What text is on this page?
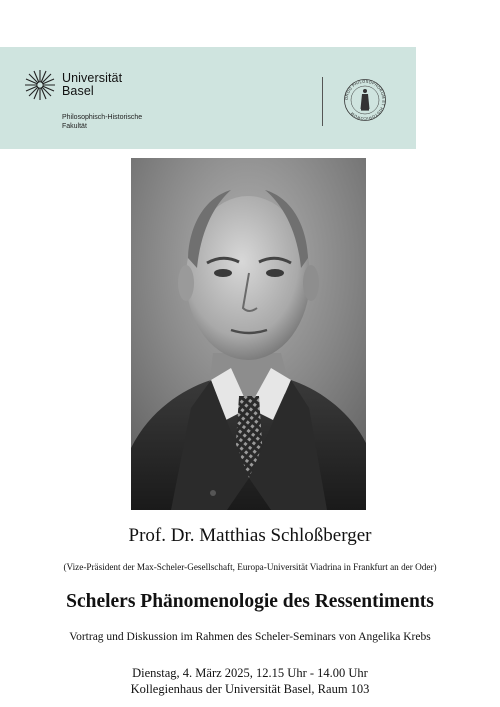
Universität
Basel
Philosophisch-Historische
Fakultät
ORDO PHILOSOPHORUM ET HISTORICORUM
Prof. Dr. Matthias Schloßberger
(Vize-Präsident der Max-Scheler-Gesellschaft, Europa-Universität Viadrina in Frankfurt an der Oder)
Schelers Phänomenologie des Ressentiments
Vortrag und Diskussion im Rahmen des Scheler-Seminars von Angelika Krebs
Dienstag, 4. März 2025, 12.15 Uhr - 14.00 Uhr
Kollegienhaus der Universität Basel, Raum 103
